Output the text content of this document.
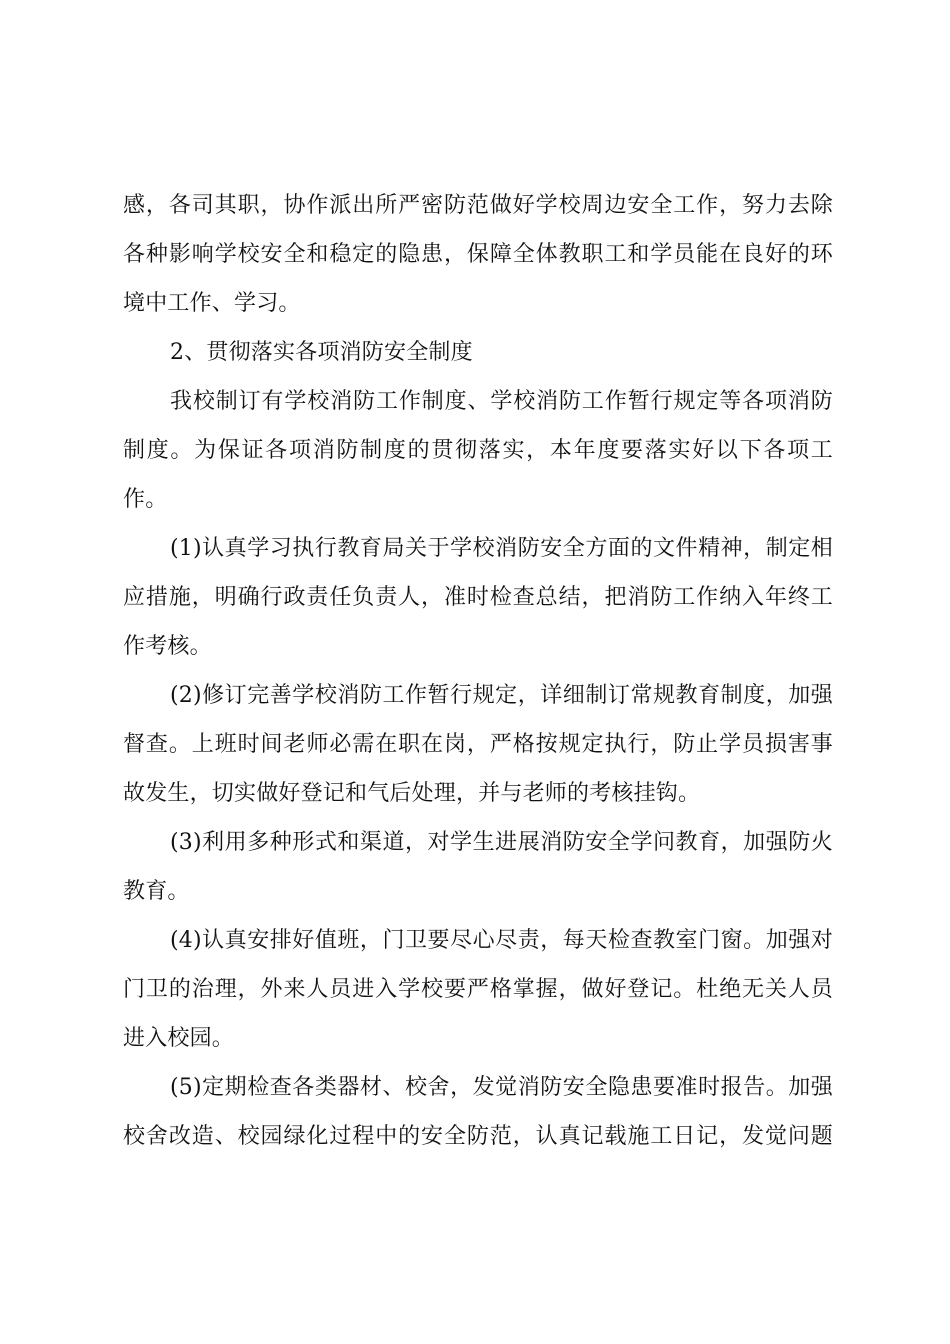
感，各司其职，协作派出所严密防范做好学校周边安全工作，努力去除
各种影响学校安全和稳定的隐患，保障全体教职工和学员能在良好的环
境中工作、学习。
2、贯彻落实各项消防安全制度
我校制订有学校消防工作制度、学校消防工作暂行规定等各项消防
制度。为保证各项消防制度的贯彻落实，本年度要落实好以下各项工
作。
(1)认真学习执行教育局关于学校消防安全方面的文件精神，制定相
应措施，明确行政责任负责人，准时检查总结，把消防工作纳入年终工
作考核。
(2)修订完善学校消防工作暂行规定，详细制订常规教育制度，加强
督查。上班时间老师必需在职在岗，严格按规定执行，防止学员损害事
故发生，切实做好登记和气后处理，并与老师的考核挂钩。
(3)利用多种形式和渠道，对学生进展消防安全学问教育，加强防火
教育。
(4)认真安排好值班，门卫要尽心尽责，每天检查教室门窗。加强对
门卫的治理，外来人员进入学校要严格掌握，做好登记。杜绝无关人员
进入校园。
(5)定期检查各类器材、校舍，发觉消防安全隐患要准时报告。加强
校舍改造、校园绿化过程中的安全防范，认真记载施工日记，发觉问题
